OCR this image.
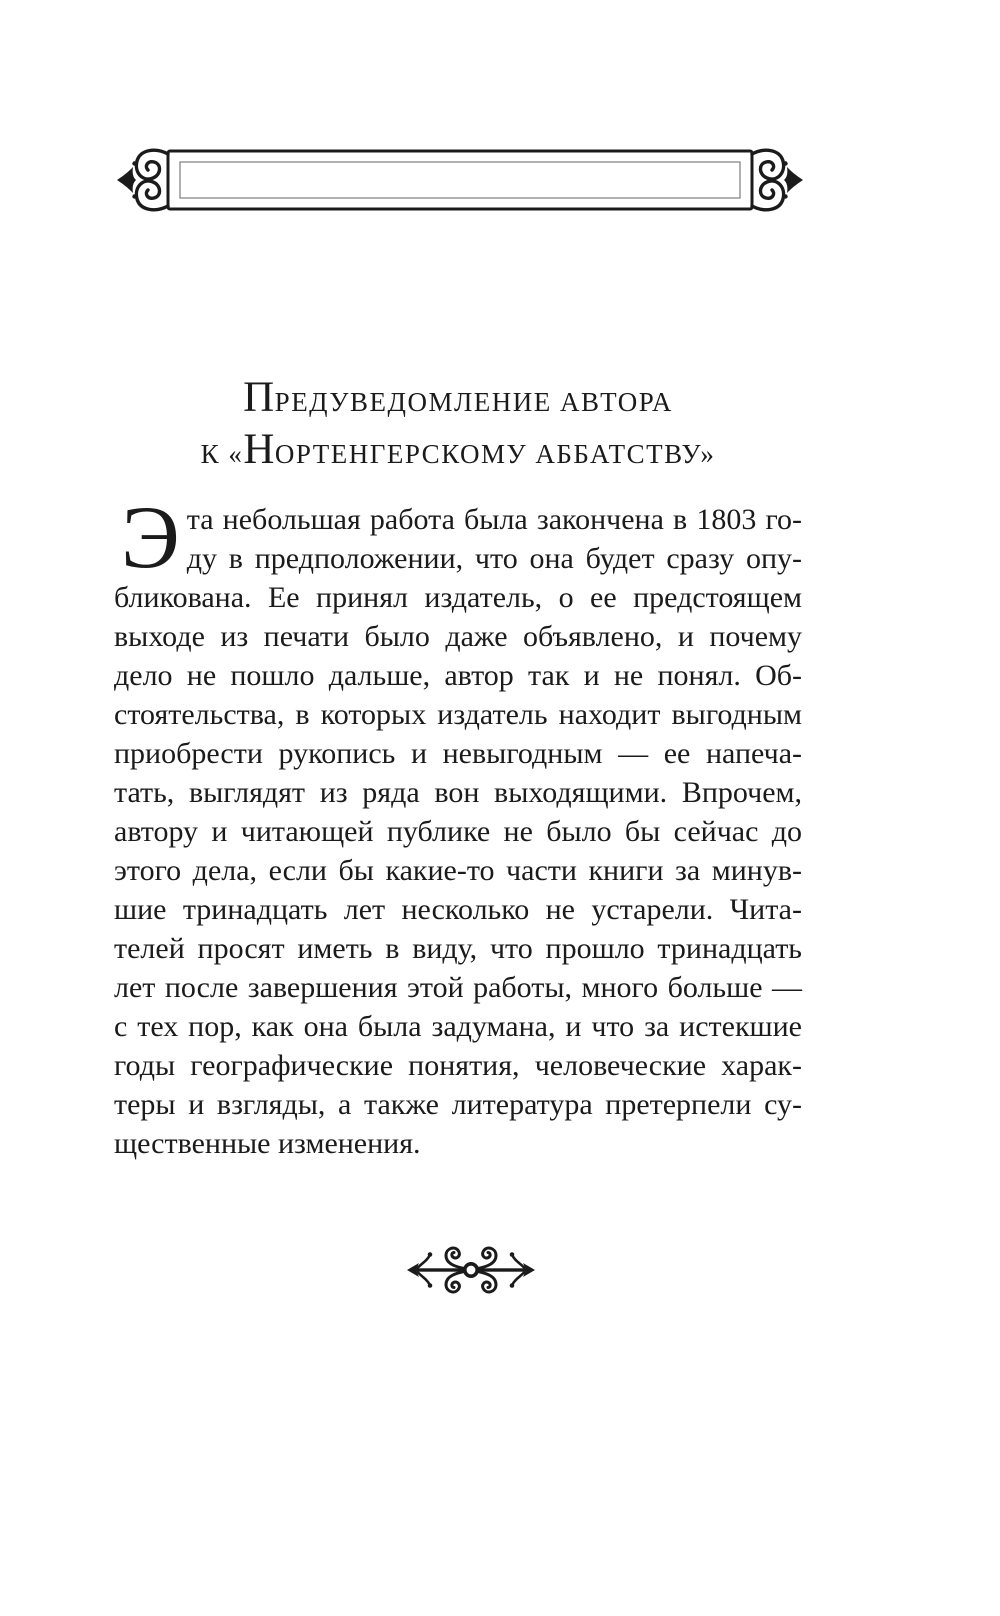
ПРЕДУВЕДОМЛЕНИЕ АВТОРА
К «НОРТЕНГЕРСКОМУ АББАТСТВУ»
Э та небольшая работа была закончена в 1803 го-
ду в предположении, что она будет сразу опу-
бликована. Ее принял издатель, о ее предстоящем
выходе из печати было даже объявлено, и почему
дело не пошло дальше, автор так и не понял. Об-
стоятельства, в которых издатель находит выгодным
приобрести рукопись и невыгодным — ее напеча-
тать, выглядят из ряда вон выходящими. Впрочем,
автору и читающей публике не было бы сейчас до
этого дела, если бы какие-то части книги за минув-
шие тринадцать лет несколько не устарели. Чита-
телей просят иметь в виду, что прошло тринадцать
лет после завершения этой работы, много больше —
с тех пор, как она была задумана, и что за истекшие
годы географические понятия, человеческие харак-
теры и взгляды, а также литература претерпели су-
щественные изменения.
